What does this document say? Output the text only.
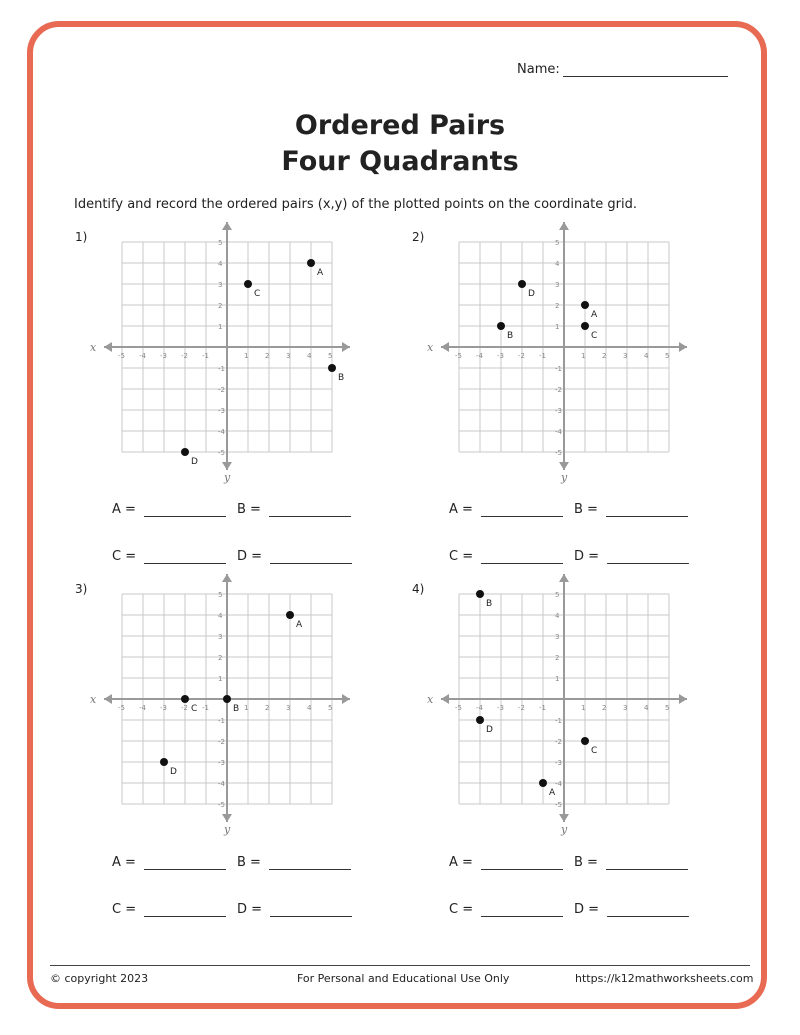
Name:
Ordered Pairs
Four Quadrants
Identify and record the ordered pairs (x,y) of the plotted points on the coordinate grid.
1)
x
y
-5 -4 -3 -2 -1	1 2 3 4 5
5
4
3
2
1
-1
-2
-3
-4
-5
A
B
C
D
A =	B =
C =	D =
2)
x
y
-5 -4 -3 -2 -1	1 2 3 4 5
5
4
3
2
1
-1
-2
-3
-4
-5
A
B	C
D
A =	B =
C =	D =
3)
x
y
-5 -4 -3 -2 -1	1 2 3 4 5
5
4
3
2
1
-1
-2
-3
-4
-5
A
B
C
D
A =	B =
C =	D =
4)
x
y
-5 -4 -3 -2 -1	1 2 3 4 5
5
4
3
2
1
-1
-2
-3
-4
-5
A
B
C
D
A =	B =
C =	D =
© copyright 2023	For Personal and Educational Use Only	https://k12mathworksheets.com
